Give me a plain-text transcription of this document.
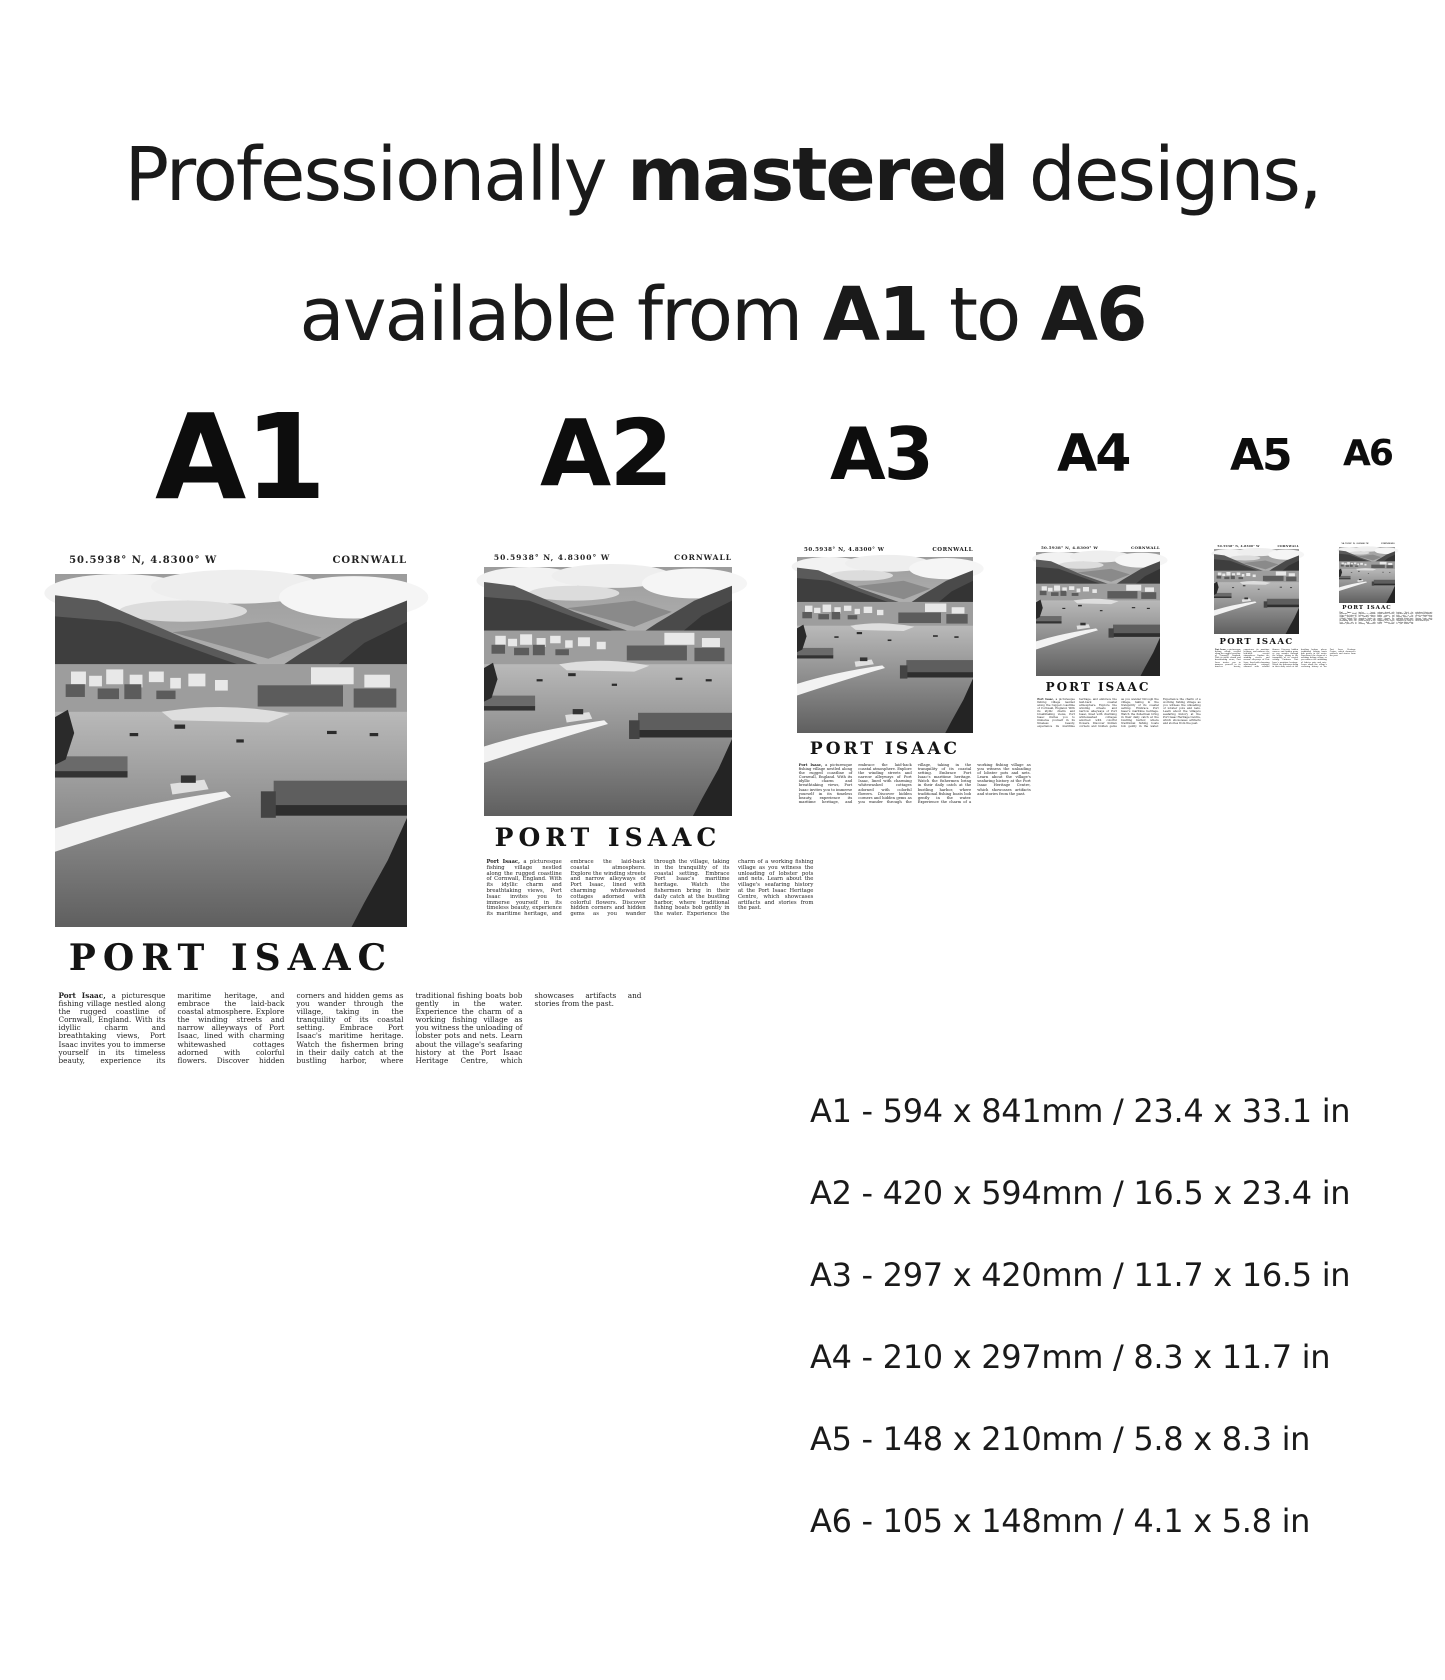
Professionally mastered designs,
available from A1 to A6
A1 A2 A3 A4 A5 A6
50.5938° N, 4.8300° W	CORNWALL
PORT ISAAC
Port Isaac, a picturesque fishing village nestled along the rugged coastline of Cornwall, England. With its idyllic charm and breathtaking views, Port Isaac invites you to immerse yourself in its timeless beauty, experience its maritime heritage, and embrace the laid-back coastal atmosphere. Explore the winding streets and narrow alleyways of Port Isaac, lined with charming whitewashed cottages adorned with colorful flowers. Discover hidden corners and hidden gems as you wander through the village, taking in the tranquility of its coastal setting. Embrace Port Isaac's maritime heritage. Watch the fishermen bring in their daily catch at the bustling harbor, where traditional fishing boats bob gently in the water. Experience the charm of a working fishing village as you witness the unloading of lobster pots and nets. Learn about the village's seafaring history at the Port Isaac Heritage Centre, which showcases artifacts and stories from the past.
50.5938° N, 4.8300° W	CORNWALL
PORT ISAAC
Port Isaac, a picturesque fishing village nestled along the rugged coastline of Cornwall, England. With its idyllic charm and breathtaking views, Port Isaac invites you to immerse yourself in its timeless beauty, experience its maritime heritage, and embrace the laid-back coastal atmosphere. Explore the winding streets and narrow alleyways of Port Isaac, lined with charming whitewashed cottages adorned with colorful flowers. Discover hidden corners and hidden gems as you wander through the village, taking in the tranquility of its coastal setting. Embrace Port Isaac's maritime heritage. Watch the fishermen bring in their daily catch at the bustling harbor, where traditional fishing boats bob gently in the water. Experience the charm of a working fishing village as you witness the unloading of lobster pots and nets. Learn about the village's seafaring history at the Port Isaac Heritage Centre, which showcases artifacts and stories from the past.
50.5938° N, 4.8300° W	CORNWALL
PORT ISAAC
Port Isaac, a picturesque fishing village nestled along the rugged coastline of Cornwall, England. With its idyllic charm and breathtaking views, Port Isaac invites you to immerse yourself in its timeless beauty, experience its maritime heritage, and embrace the laid-back coastal atmosphere. Explore the winding streets and narrow alleyways of Port Isaac, lined with charming whitewashed cottages adorned with colorful flowers. Discover hidden corners and hidden gems as you wander through the village, taking in the tranquility of its coastal setting. Embrace Port Isaac's maritime heritage. Watch the fishermen bring in their daily catch at the bustling harbor, where traditional fishing boats bob gently in the water. Experience the charm of a working fishing village as you witness the unloading of lobster pots and nets. Learn about the village's seafaring history at the Port Isaac Heritage Centre, which showcases artifacts and stories from the past.
50.5938° N, 4.8300° W	CORNWALL
PORT ISAAC
Port Isaac, a picturesque fishing village nestled along the rugged coastline of Cornwall, England. With its idyllic charm and breathtaking views, Port Isaac invites you to immerse yourself in its timeless beauty, experience its maritime heritage, and embrace the laid-back coastal atmosphere. Explore the winding streets and narrow alleyways of Port Isaac, lined with charming whitewashed cottages adorned with colorful flowers. Discover hidden corners and hidden gems as you wander through the village, taking in the tranquility of its coastal setting. Embrace Port Isaac's maritime heritage. Watch the fishermen bring in their daily catch at the bustling harbor, where traditional fishing boats bob gently in the water. Experience the charm of a working fishing village as you witness the unloading of lobster pots and nets. Learn about the village's seafaring history at the Port Isaac Heritage Centre, which showcases artifacts and stories from the past.
50.5938° N, 4.8300° W	CORNWALL
PORT ISAAC
Port Isaac, a picturesque fishing village nestled along the rugged coastline of Cornwall, England. With its idyllic charm and breathtaking views, Port Isaac invites you to immerse yourself in its timeless beauty, experience its maritime heritage, and embrace the laid-back coastal atmosphere. Explore the winding streets and narrow alleyways of Port Isaac, lined with charming whitewashed cottages adorned with colorful flowers. Discover hidden corners and hidden gems as you wander through the village, taking in the tranquility of its coastal setting. Embrace Port Isaac's maritime heritage. Watch the fishermen bring in their daily catch at the bustling harbor, where traditional fishing boats bob gently in the water. Experience the charm of a working fishing village as you witness the unloading of lobster pots and nets. Learn about the village's seafaring history at the Port Isaac Heritage Centre, which showcases artifacts and stories from the past.
50.5938° N, 4.8300° W	CORNWALL
PORT ISAAC
Port Isaac, a picturesque fishing village nestled along the rugged coastline of Cornwall, England. With its idyllic charm and breathtaking views, Port Isaac invites you to immerse yourself in its timeless beauty, experience its maritime heritage, and embrace the laid-back coastal atmosphere. Explore the winding streets and narrow alleyways of Port Isaac, lined with charming whitewashed cottages adorned with colorful flowers. Discover hidden corners and hidden gems as you wander through the village, taking in the tranquility of its coastal setting. Embrace Port Isaac's maritime heritage. Watch the fishermen bring in their daily catch at the bustling harbor, where traditional fishing boats bob gently in the water. Experience the charm of a working fishing village as you witness the unloading of lobster pots and nets. Learn about the village's seafaring history at the Port Isaac Heritage Centre, which showcases artifacts and stories from the past.
A1 - 594 x 841mm / 23.4 x 33.1 in
A2 - 420 x 594mm / 16.5 x 23.4 in
A3 - 297 x 420mm / 11.7 x 16.5 in
A4 - 210 x 297mm / 8.3 x 11.7 in
A5 - 148 x 210mm / 5.8 x 8.3 in
A6 - 105 x 148mm / 4.1 x 5.8 in
